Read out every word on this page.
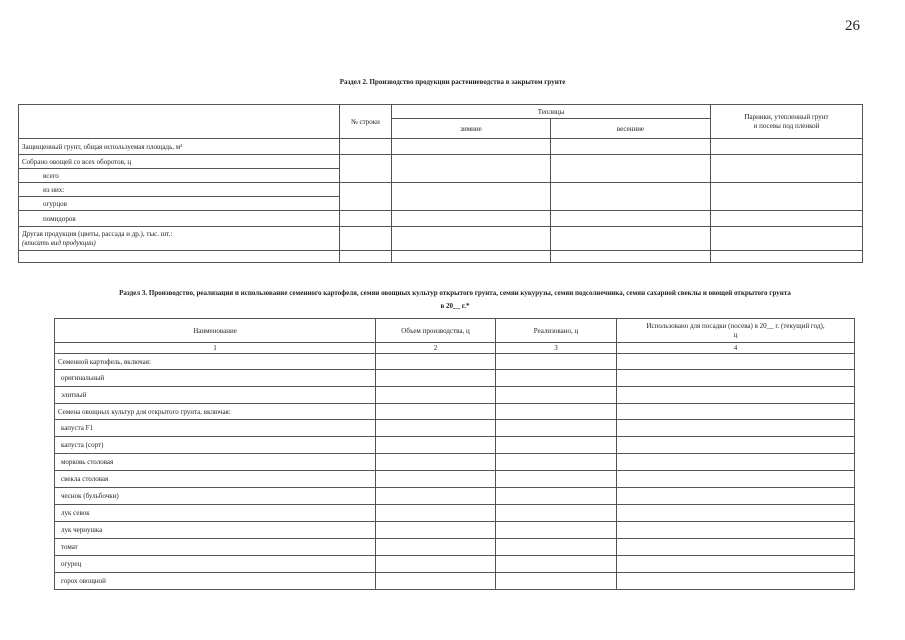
26
Раздел 2. Производство продукции растениеводства в закрытом грунте
	№ строки	Теплицы		Парники, утепленный грунт
и посевы под пленкой

		зимние	весенние	
Защищенный грунт, общая используемая площадь, м²				
Собрано овощей со всех оборотов, ц				
всего				
из них:				
огурцов				
помидоров				

Другая продукция (цветы, рассада и др.), тыс. шт.:
(вписать вид продукции)				

Раздел 3. Производство, реализация и использование семенного картофеля, семян овощных культур открытого грунта, семян кукурузы, семян подсолнечника, семян сахарной свеклы и овощей открытого грунта
в 20__ г.*
Наименование	Объем производства, ц	Реализовано, ц	Использовано для посадки (посева) в 20__ г. (текущий год),
ц

1	2	3	4
Семенной картофель, включая:			
оригинальный			
элитный			
Семена овощных культур для открытого грунта, включая:			
капуста F1			
капуста (сорт)			
морковь столовая			
свекла столовая			
чеснок (бульбочки)			
лук севок			
лук чернушка			
томат			
огурец			
горох овощной			
